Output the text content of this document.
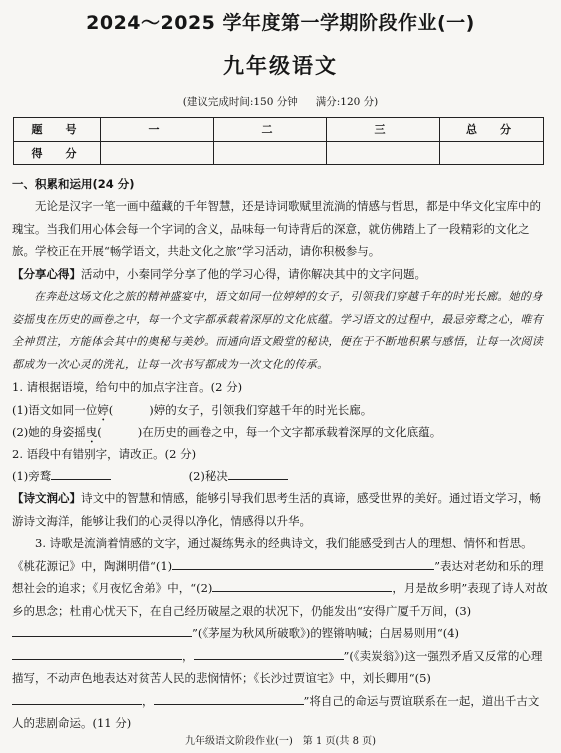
2024～2025 学年度第一学期阶段作业(一)
九年级语文
(建议完成时间:150 分钟 满分:120 分)
题　号	一	二	三	总　分
得　分				
一、积累和运用(24 分)
无论是汉字一笔一画中蕴藏的千年智慧，还是诗词歌赋里流淌的情感与哲思，都是中华文化宝库中的瑰宝。当我们用心体会每一个字词的含义，品味每一句诗背后的深意，就仿佛踏上了一段精彩的文化之旅。学校正在开展“畅学语文，共赴文化之旅”学习活动，请你积极参与。
【分享心得】活动中，小秦同学分享了他的学习心得，请你解决其中的文字问题。
在奔赴这场文化之旅的精神盛宴中，语文如同一位婷婷的女子，引领我们穿越千年的时光长廊。她的身姿摇曳在历史的画卷之中，每一个文字都承载着深厚的文化底蕴。学习语文的过程中，最忌旁鹜之心，唯有全神贯注，方能体会其中的奥秘与美妙。而通向语文殿堂的秘诀，便在于不断地积累与感悟，让每一次阅读都成为一次心灵的洗礼，让每一次书写都成为一次文化的传承。
1. 请根据语境，给句中的加点字注音。(2 分)
(1)语文如同一位婷(	)婷的女子，引领我们穿越千年的时光长廊。
(2)她的身姿摇曳(	)在历史的画卷之中，每一个文字都承载着深厚的文化底蕴。
2. 语段中有错别字，请改正。(2 分)
(1)旁鹜	(2)秘决
【诗文润心】诗文中的智慧和情感，能够引导我们思考生活的真谛，感受世界的美好。通过语文学习，畅游诗文海洋，能够让我们的心灵得以净化，情感得以升华。
3. 诗歌是流淌着情感的文字，通过凝练隽永的经典诗文，我们能感受到古人的理想、情怀和哲思。《桃花源记》中，陶渊明借“(1)	”表达对老幼和乐的理想社会的追求；《月夜忆舍弟》中，“(2)	，月是故乡明”表现了诗人对故乡的思念；杜甫心忧天下，在自己经历破屋之艰的状况下，仍能发出“安得广厦千万间，(3)”(《茅屋为秋风所破歌》)的铿锵呐喊；白居易则用“(4)，	”(《卖炭翁》)这一强烈矛盾又反常的心理描写，不动声色地表达对贫苦人民的悲悯情怀；《长沙过贾谊宅》中，刘长卿用“(5)，	”将自己的命运与贾谊联系在一起，道出千古文人的悲剧命运。(11 分)
九年级语文阶段作业(一)　第 1 页(共 8 页)
